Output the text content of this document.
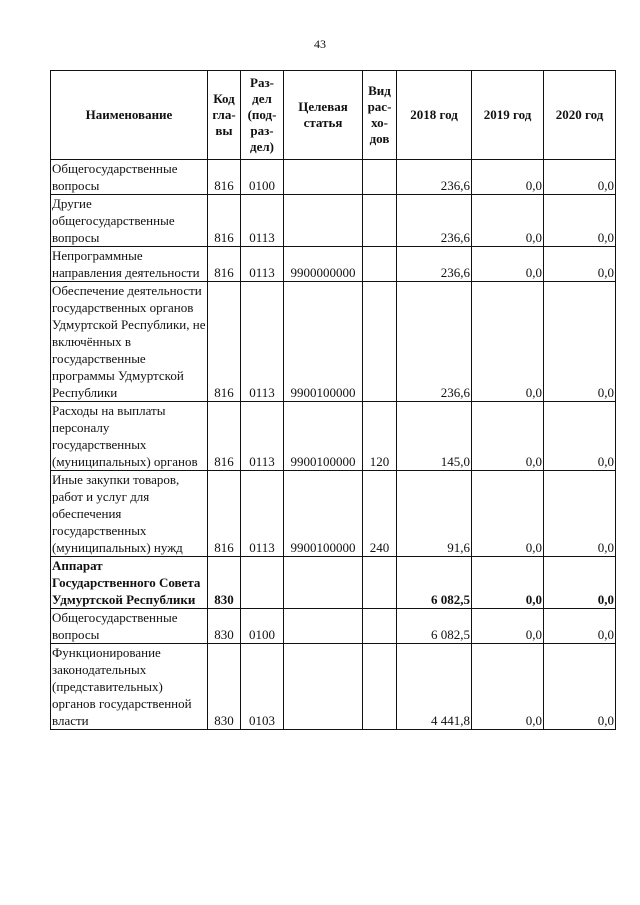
43
Наименование	Код
гла-
вы	Раз-
дел
(под-
раз-
дел)	Целевая статья	Вид
рас-
хо-
дов	2018 год	2019 год	2020 год
Общегосударственные вопросы	816	0100			236,6	0,0	0,0
Другие общегосударственные вопросы	816	0113			236,6	0,0	0,0
Непрограммные направления деятельности	816	0113	9900000000		236,6	0,0	0,0
Обеспечение деятельности государственных органов Удмуртской Республики, не включённых в государственные программы Удмуртской Республики	816	0113	9900100000		236,6	0,0	0,0
Расходы на выплаты персоналу государственных (муниципальных) органов	816	0113	9900100000	120	145,0	0,0	0,0
Иные закупки товаров, работ и услуг для обеспечения государственных (муниципальных) нужд	816	0113	9900100000	240	91,6	0,0	0,0
Аппарат Государственного Совета Удмуртской Республики	830				6 082,5	0,0	0,0
Общегосударственные вопросы	830	0100			6 082,5	0,0	0,0
Функционирование законодательных (представительных) органов государственной власти	830	0103			4 441,8	0,0	0,0
